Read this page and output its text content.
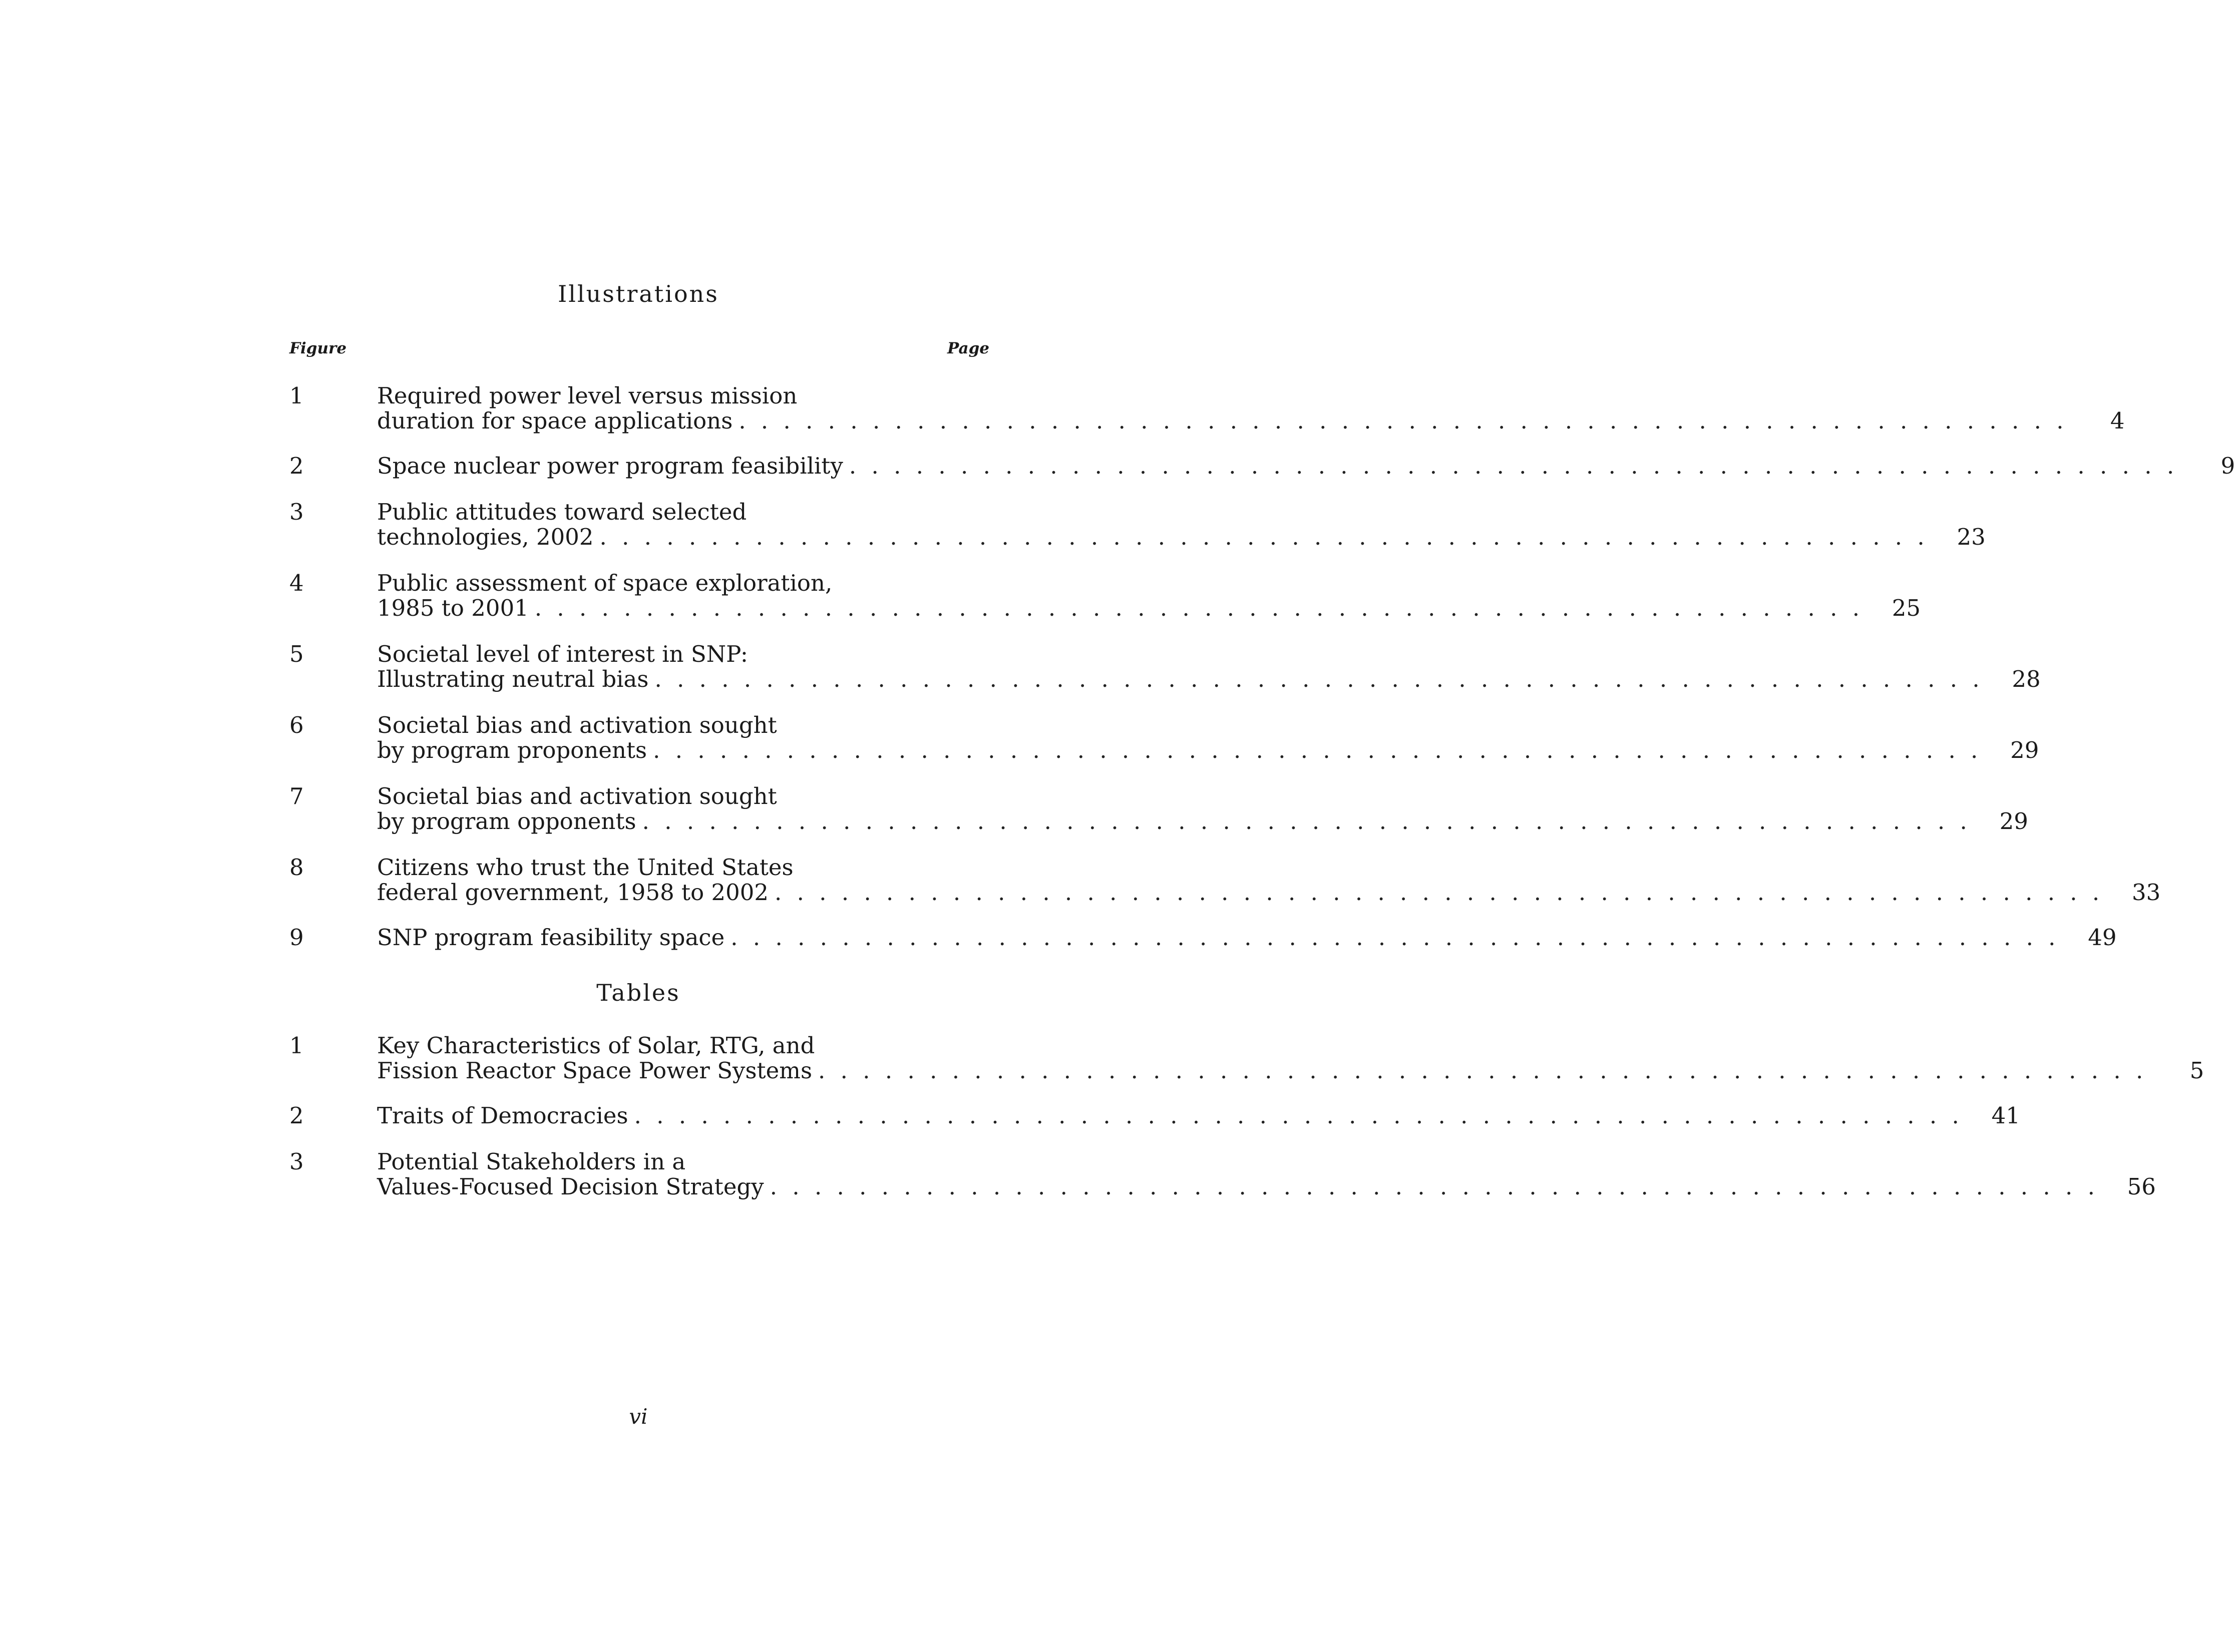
Illustrations
Figure	Page
1	Required power level versus mission
duration for space applications . . . . . . . . . . . . . . . . . . . . . . . . . . . . . . . . . . . . . . . . . . . . . . . . . . . . . . . . . . . .	4
2	Space nuclear power program feasibility . . . . . . . . . . . . . . . . . . . . . . . . . . . . . . . . . . . . . . . . . . . . . . . . . . . . . . . . . . . .	9
3	Public attitudes toward selected
technologies, 2002 . . . . . . . . . . . . . . . . . . . . . . . . . . . . . . . . . . . . . . . . . . . . . . . . . . . . . . . . . . . . 23
4	Public assessment of space exploration,
1985 to 2001 . . . . . . . . . . . . . . . . . . . . . . . . . . . . . . . . . . . . . . . . . . . . . . . . . . . . . . . . . . . . 25
5	Societal level of interest in SNP:
Illustrating neutral bias . . . . . . . . . . . . . . . . . . . . . . . . . . . . . . . . . . . . . . . . . . . . . . . . . . . . . . . . . . . . 28
6	Societal bias and activation sought
by program proponents . . . . . . . . . . . . . . . . . . . . . . . . . . . . . . . . . . . . . . . . . . . . . . . . . . . . . . . . . . . . 29
7	Societal bias and activation sought
by program opponents . . . . . . . . . . . . . . . . . . . . . . . . . . . . . . . . . . . . . . . . . . . . . . . . . . . . . . . . . . . . 29
8	Citizens who trust the United States
federal government, 1958 to 2002 . . . . . . . . . . . . . . . . . . . . . . . . . . . . . . . . . . . . . . . . . . . . . . . . . . . . . . . . . . . . 33
9	SNP program feasibility space . . . . . . . . . . . . . . . . . . . . . . . . . . . . . . . . . . . . . . . . . . . . . . . . . . . . . . . . . . . . 49
Tables
1	Key Characteristics of Solar, RTG, and
Fission Reactor Space Power Systems . . . . . . . . . . . . . . . . . . . . . . . . . . . . . . . . . . . . . . . . . . . . . . . . . . . . . . . . . . . .	5
2	Traits of Democracies . . . . . . . . . . . . . . . . . . . . . . . . . . . . . . . . . . . . . . . . . . . . . . . . . . . . . . . . . . . . 41
3	Potential Stakeholders in a
Values-Focused Decision Strategy . . . . . . . . . . . . . . . . . . . . . . . . . . . . . . . . . . . . . . . . . . . . . . . . . . . . . . . . . . . . 56
vi
